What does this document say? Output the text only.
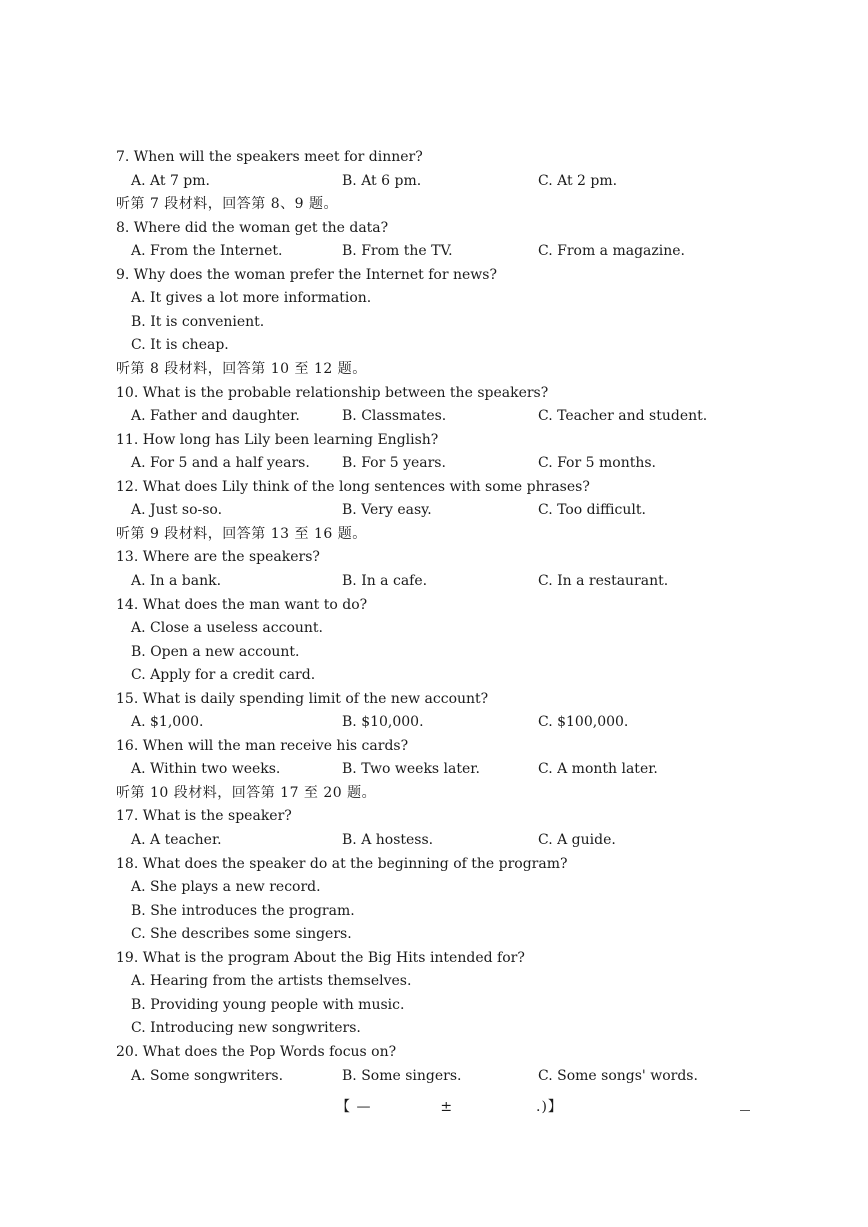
7. When will the speakers meet for dinner?
A. At 7 pm.	B. At 6 pm.	C. At 2 pm.
听第 7 段材料，回答第 8、9 题。
8. Where did the woman get the data?
A. From the Internet.	B. From the TV.	C. From a magazine.
9. Why does the woman prefer the Internet for news?
A. It gives a lot more information.
B. It is convenient.
C. It is cheap.
听第 8 段材料，回答第 10 至 12 题。
10. What is the probable relationship between the speakers?
A. Father and daughter.	B. Classmates.	C. Teacher and student.
11. How long has Lily been learning English?
A. For 5 and a half years. B. For 5 years.	C. For 5 months.
12. What does Lily think of the long sentences with some phrases?
A. Just so-so.	B. Very easy.	C. Too difficult.
听第 9 段材料，回答第 13 至 16 题。
13. Where are the speakers?
A. In a bank.	B. In a cafe.	C. In a restaurant.
14. What does the man want to do?
A. Close a useless account.
B. Open a new account.
C. Apply for a credit card.
15. What is daily spending limit of the new account?
A. $1,000.	B. $10,000.	C. $100,000.
16. When will the man receive his cards?
A. Within two weeks.	B. Two weeks later.	C. A month later.
听第 10 段材料，回答第 17 至 20 题。
17. What is the speaker?
A. A teacher.	B. A hostess.	C. A guide.
18. What does the speaker do at the beginning of the program?
A. She plays a new record.
B. She introduces the program.
C. She describes some singers.
19. What is the program About the Big Hits intended for?
A. Hearing from the artists themselves.
B. Providing young people with music.
C. Introducing new songwriters.
20. What does the Pop Words focus on?
A. Some songwriters.	B. Some singers.	C. Some songs' words.
【 —	±	.)】
